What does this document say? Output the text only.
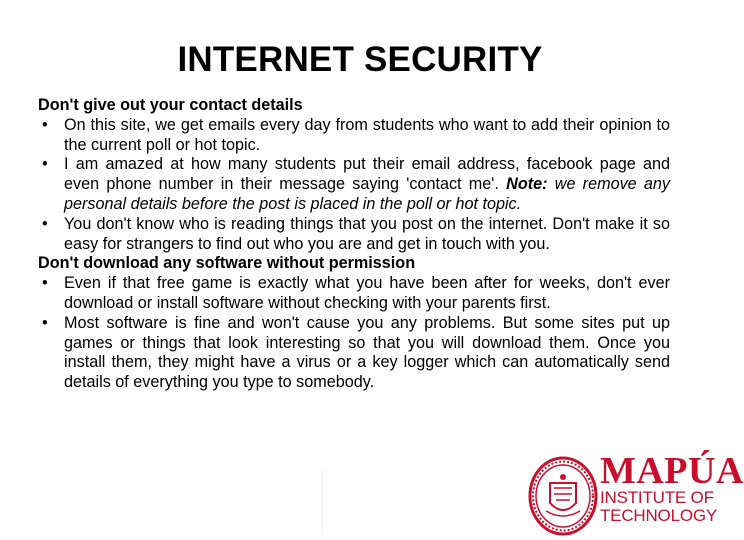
INTERNET SECURITY

Don't give out your contact details

• On this site, we get emails every day from students who want to add their opinion to the current poll or hot topic.
• I am amazed at how many students put their email address, facebook page and even phone number in their message saying 'contact me'. Note: we remove any personal details before the post is placed in the poll or hot topic.
• You don't know who is reading things that you post on the internet. Don't make it so easy for strangers to find out who you are and get in touch with you.

Don't download any software without permission

• Even if that free game is exactly what you have been after for weeks, don't ever download or install software without checking with your parents first.
• Most software is fine and won't cause you any problems. But some sites put up games or things that look interesting so that you will download them. Once you install them, they might have a virus or a key logger which can automatically send details of everything you type to somebody.
MAPÚA
INSTITUTE OF
TECHNOLOGY
